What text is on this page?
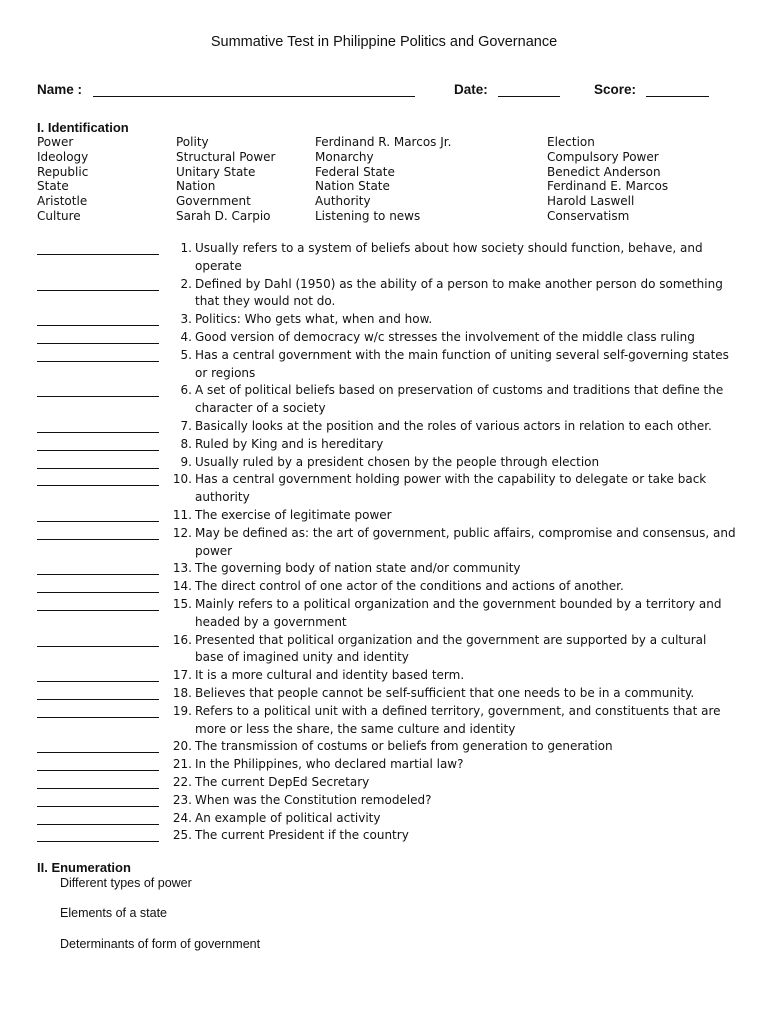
Summative Test in Philippine Politics and Governance
Name :	Date:	Score:
I. Identification
Power
Ideology
Republic
State
Aristotle
Culture
Polity
Structural Power
Unitary State
Nation
Government
Sarah D. Carpio
Ferdinand R. Marcos Jr.
Monarchy
Federal State
Nation State
Authority
Listening to news
Election
Compulsory Power
Benedict Anderson
Ferdinand E. Marcos
Harold Laswell
Conservatism
1. Usually refers to a system of beliefs about how society should function, behave, and operate
2. Defined by Dahl (1950) as the ability of a person to make another person do something that they would not do.
3. Politics: Who gets what, when and how.
4. Good version of democracy w/c stresses the involvement of the middle class ruling
5. Has a central government with the main function of uniting several self-governing states or regions
6. A set of political beliefs based on preservation of customs and traditions that define the character of a society
7. Basically looks at the position and the roles of various actors in relation to each other.
8. Ruled by King and is hereditary
9. Usually ruled by a president chosen by the people through election
10. Has a central government holding power with the capability to delegate or take back authority
11. The exercise of legitimate power
12. May be defined as: the art of government, public affairs, compromise and consensus, and power
13. The governing body of nation state and/or community
14. The direct control of one actor of the conditions and actions of another.
15. Mainly refers to a political organization and the government bounded by a territory and headed by a government
16. Presented that political organization and the government are supported by a cultural base of imagined unity and identity
17. It is a more cultural and identity based term.
18. Believes that people cannot be self-sufficient that one needs to be in a community.
19. Refers to a political unit with a defined territory, government, and constituents that are more or less the share, the same culture and identity
20. The transmission of costums or beliefs from generation to generation
21. In the Philippines, who declared martial law?
22. The current DepEd Secretary
23. When was the Constitution remodeled?
24. An example of political activity
25. The current President if the country
II. Enumeration
Different types of power
Elements of a state
Determinants of form of government
